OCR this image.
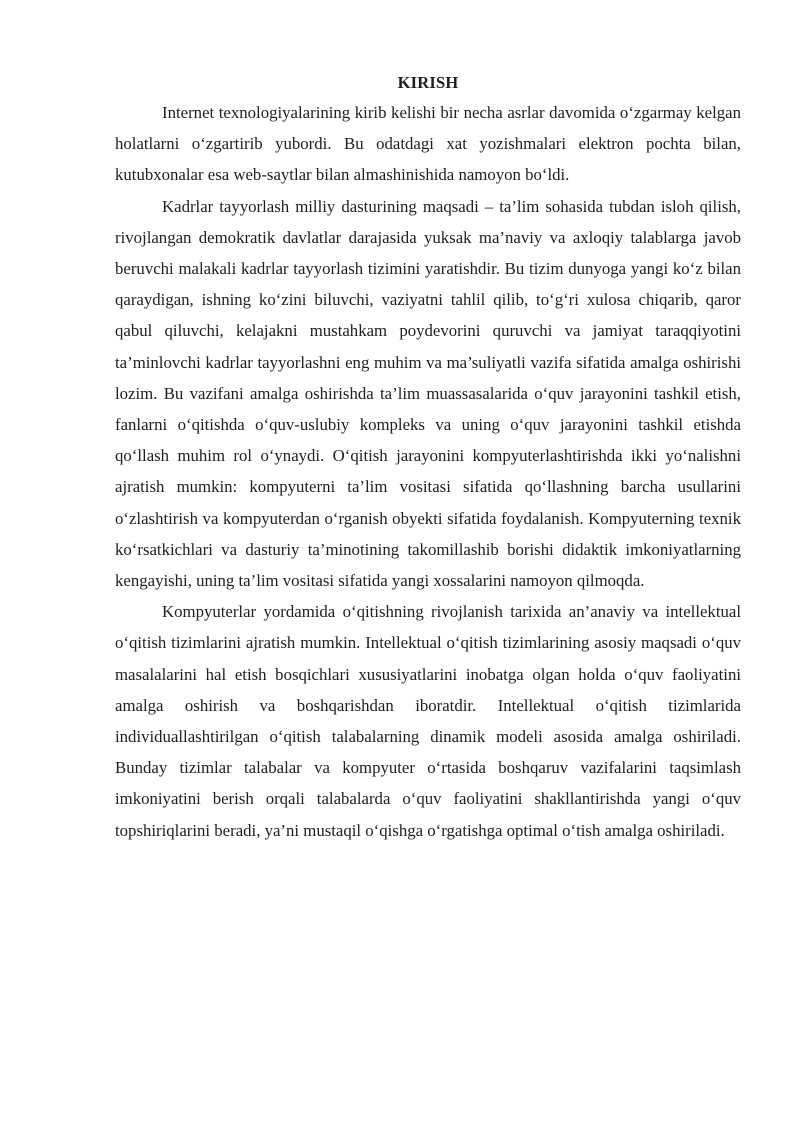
KIRISH

Internet texnologiyalarining kirib kelishi bir necha asrlar davomida o‘zgarmay kelgan holatlarni o‘zgartirib yubordi. Bu odatdagi xat yozishmalari elektron pochta bilan, kutubxonalar esa web-saytlar bilan almashinishida namoyon bo‘ldi.

Kadrlar tayyorlash milliy dasturining maqsadi – ta’lim sohasida tubdan isloh qilish, rivojlangan demokratik davlatlar darajasida yuksak ma’naviy va axloqiy talablarga javob beruvchi malakali kadrlar tayyorlash tizimini yaratishdir. Bu tizim dunyoga yangi ko‘z bilan qaraydigan, ishning ko‘zini biluvchi, vaziyatni tahlil qilib, to‘g‘ri xulosa chiqarib, qaror qabul qiluvchi, kelajakni mustahkam poydevorini quruvchi va jamiyat taraqqiyotini ta’minlovchi kadrlar tayyorlashni eng muhim va ma’suliyatli vazifa sifatida amalga oshirishi lozim. Bu vazifani amalga oshirishda ta’lim muassasalarida o‘quv jarayonini tashkil etish, fanlarni o‘qitishda o‘quv-uslubiy kompleks va uning o‘quv jarayonini tashkil etishda qo‘llash muhim rol o‘ynaydi. O‘qitish jarayonini kompyuterlashtirishda ikki yo‘nalishni ajratish mumkin: kompyuterni ta’lim vositasi sifatida qo‘llashning barcha usullarini o‘zlashtirish va kompyuterdan o‘rganish obyekti sifatida foydalanish. Kompyuterning texnik ko‘rsatkichlari va dasturiy ta’minotining takomillashib borishi didaktik imkoniyatlarning kengayishi, uning ta’lim vositasi sifatida yangi xossalarini namoyon qilmoqda.

Kompyuterlar yordamida o‘qitishning rivojlanish tarixida an’anaviy va intellektual o‘qitish tizimlarini ajratish mumkin. Intellektual o‘qitish tizimlarining asosiy maqsadi o‘quv masalalarini hal etish bosqichlari xususiyatlarini inobatga olgan holda o‘quv faoliyatini amalga oshirish va boshqarishdan iboratdir. Intellektual o‘qitish tizimlarida individuallashtirilgan o‘qitish talabalarning dinamik modeli asosida amalga oshiriladi. Bunday tizimlar talabalar va kompyuter o‘rtasida boshqaruv vazifalarini taqsimlash imkoniyatini berish orqali talabalarda o‘quv faoliyatini shakllantirishda yangi o‘quv topshiriqlarini beradi, ya’ni mustaqil o‘qishga o‘rgatishga optimal o‘tish amalga oshiriladi.
